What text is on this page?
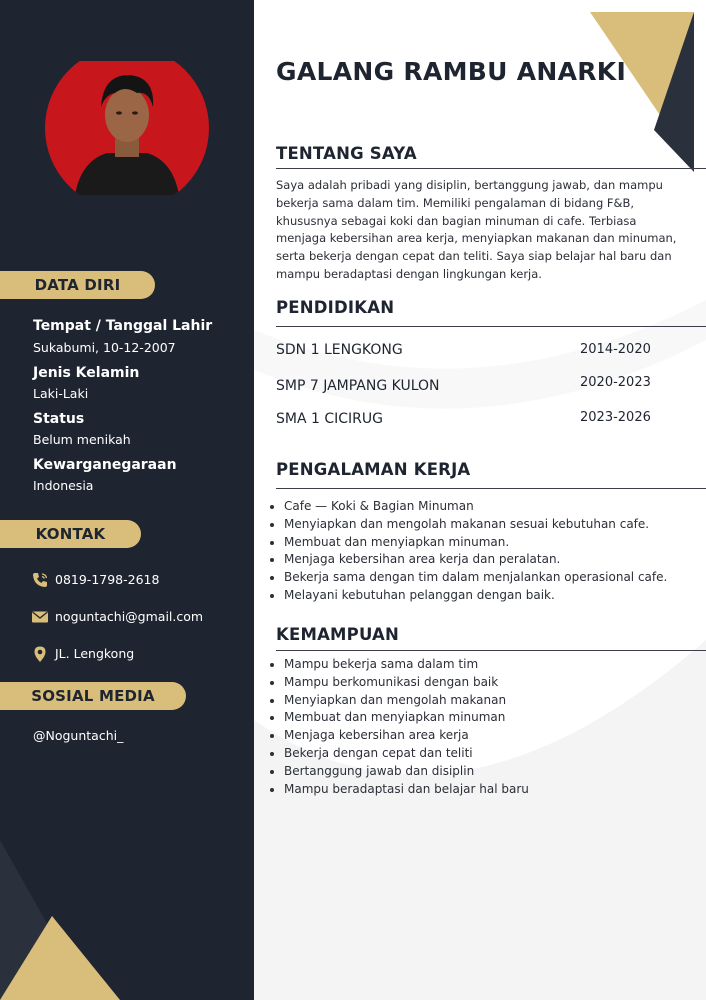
DATA DIRI
Tempat / Tanggal Lahir
Sukabumi, 10-12-2007
Jenis Kelamin
Laki-Laki
Status
Belum menikah
Kewarganegaraan
Indonesia
KONTAK
0819-1798-2618
noguntachi@gmail.com
JL. Lengkong
SOSIAL MEDIA
@Noguntachi_
GALANG RAMBU ANARKI
TENTANG SAYA
Saya adalah pribadi yang disiplin, bertanggung jawab, dan mampu bekerja sama dalam tim. Memiliki pengalaman di bidang F&B, khususnya sebagai koki dan bagian minuman di cafe. Terbiasa menjaga kebersihan area kerja, menyiapkan makanan dan minuman, serta bekerja dengan cepat dan teliti. Saya siap belajar hal baru dan mampu beradaptasi dengan lingkungan kerja.
PENDIDIKAN
SDN 1 LENGKONG	2014-2020
SMP 7 JAMPANG KULON	2020-2023
SMA 1 CICIRUG	2023-2026
PENGALAMAN KERJA
• Cafe — Koki & Bagian Minuman
• Menyiapkan dan mengolah makanan sesuai kebutuhan cafe.
• Membuat dan menyiapkan minuman.
• Menjaga kebersihan area kerja dan peralatan.
• Bekerja sama dengan tim dalam menjalankan operasional cafe.
• Melayani kebutuhan pelanggan dengan baik.
KEMAMPUAN
• Mampu bekerja sama dalam tim
• Mampu berkomunikasi dengan baik
• Menyiapkan dan mengolah makanan
• Membuat dan menyiapkan minuman
• Menjaga kebersihan area kerja
• Bekerja dengan cepat dan teliti
• Bertanggung jawab dan disiplin
• Mampu beradaptasi dan belajar hal baru
